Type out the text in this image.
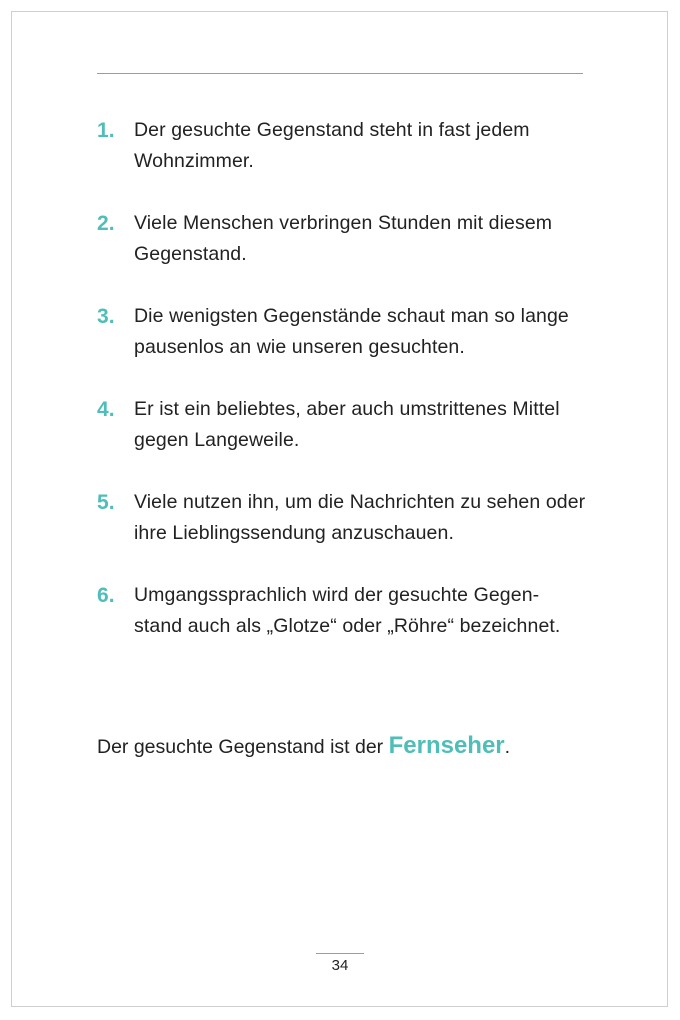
1. Der gesuchte Gegenstand steht in fast jedem Wohnzimmer.
2. Viele Menschen verbringen Stunden mit diesem Gegenstand.
3. Die wenigsten Gegenstände schaut man so lange pausenlos an wie unseren gesuchten.
4. Er ist ein beliebtes, aber auch umstrittenes Mittel gegen Langeweile.
5. Viele nutzen ihn, um die Nachrichten zu sehen oder ihre Lieblingssendung anzuschauen.
6. Umgangssprachlich wird der gesuchte Gegen-stand auch als „Glotze“ oder „Röhre“ bezeichnet.
Der gesuchte Gegenstand ist der Fernseher.
34
